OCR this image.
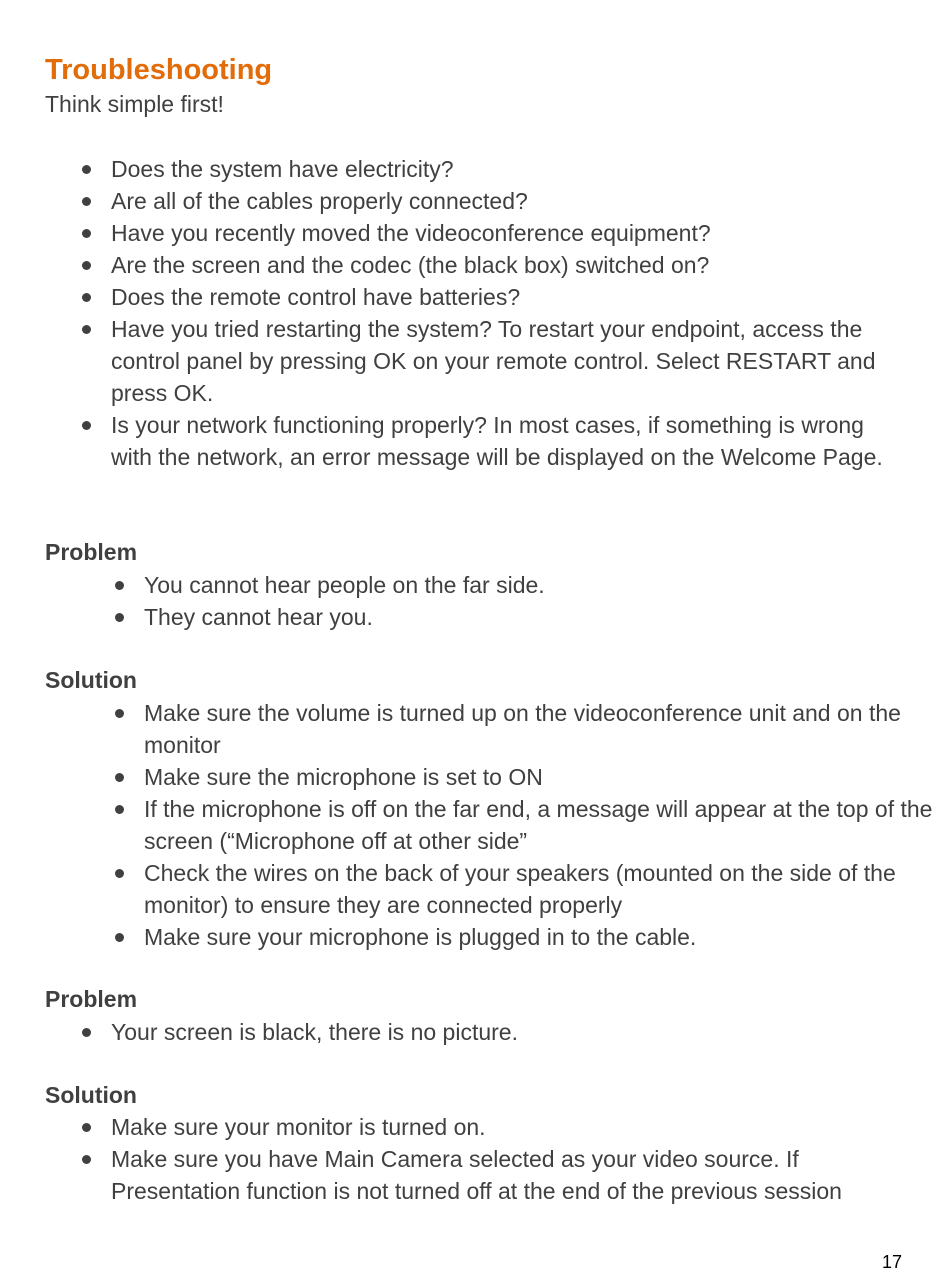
Troubleshooting

Think simple first!

Does the system have electricity?
Are all of the cables properly connected?
Have you recently moved the videoconference equipment?
Are the screen and the codec (the black box) switched on?
Does the remote control have batteries?
Have you tried restarting the system? To restart your endpoint, access the control panel by pressing OK on your remote control. Select RESTART and press OK.
Is your network functioning properly? In most cases, if something is wrong with the network, an error message will be displayed on the Welcome Page.
Problem
You cannot hear people on the far side.
They cannot hear you.
Solution
Make sure the volume is turned up on the videoconference unit and on the monitor
Make sure the microphone is set to ON
If the microphone is off on the far end, a message will appear at the top of the screen (“Microphone off at other side”
Check the wires on the back of your speakers (mounted on the side of the monitor) to ensure they are connected properly
Make sure your microphone is plugged in to the cable.
Problem
Your screen is black, there is no picture.
Solution
Make sure your monitor is turned on.
Make sure you have Main Camera selected as your video source. If Presentation function is not turned off at the end of the previous session
17
